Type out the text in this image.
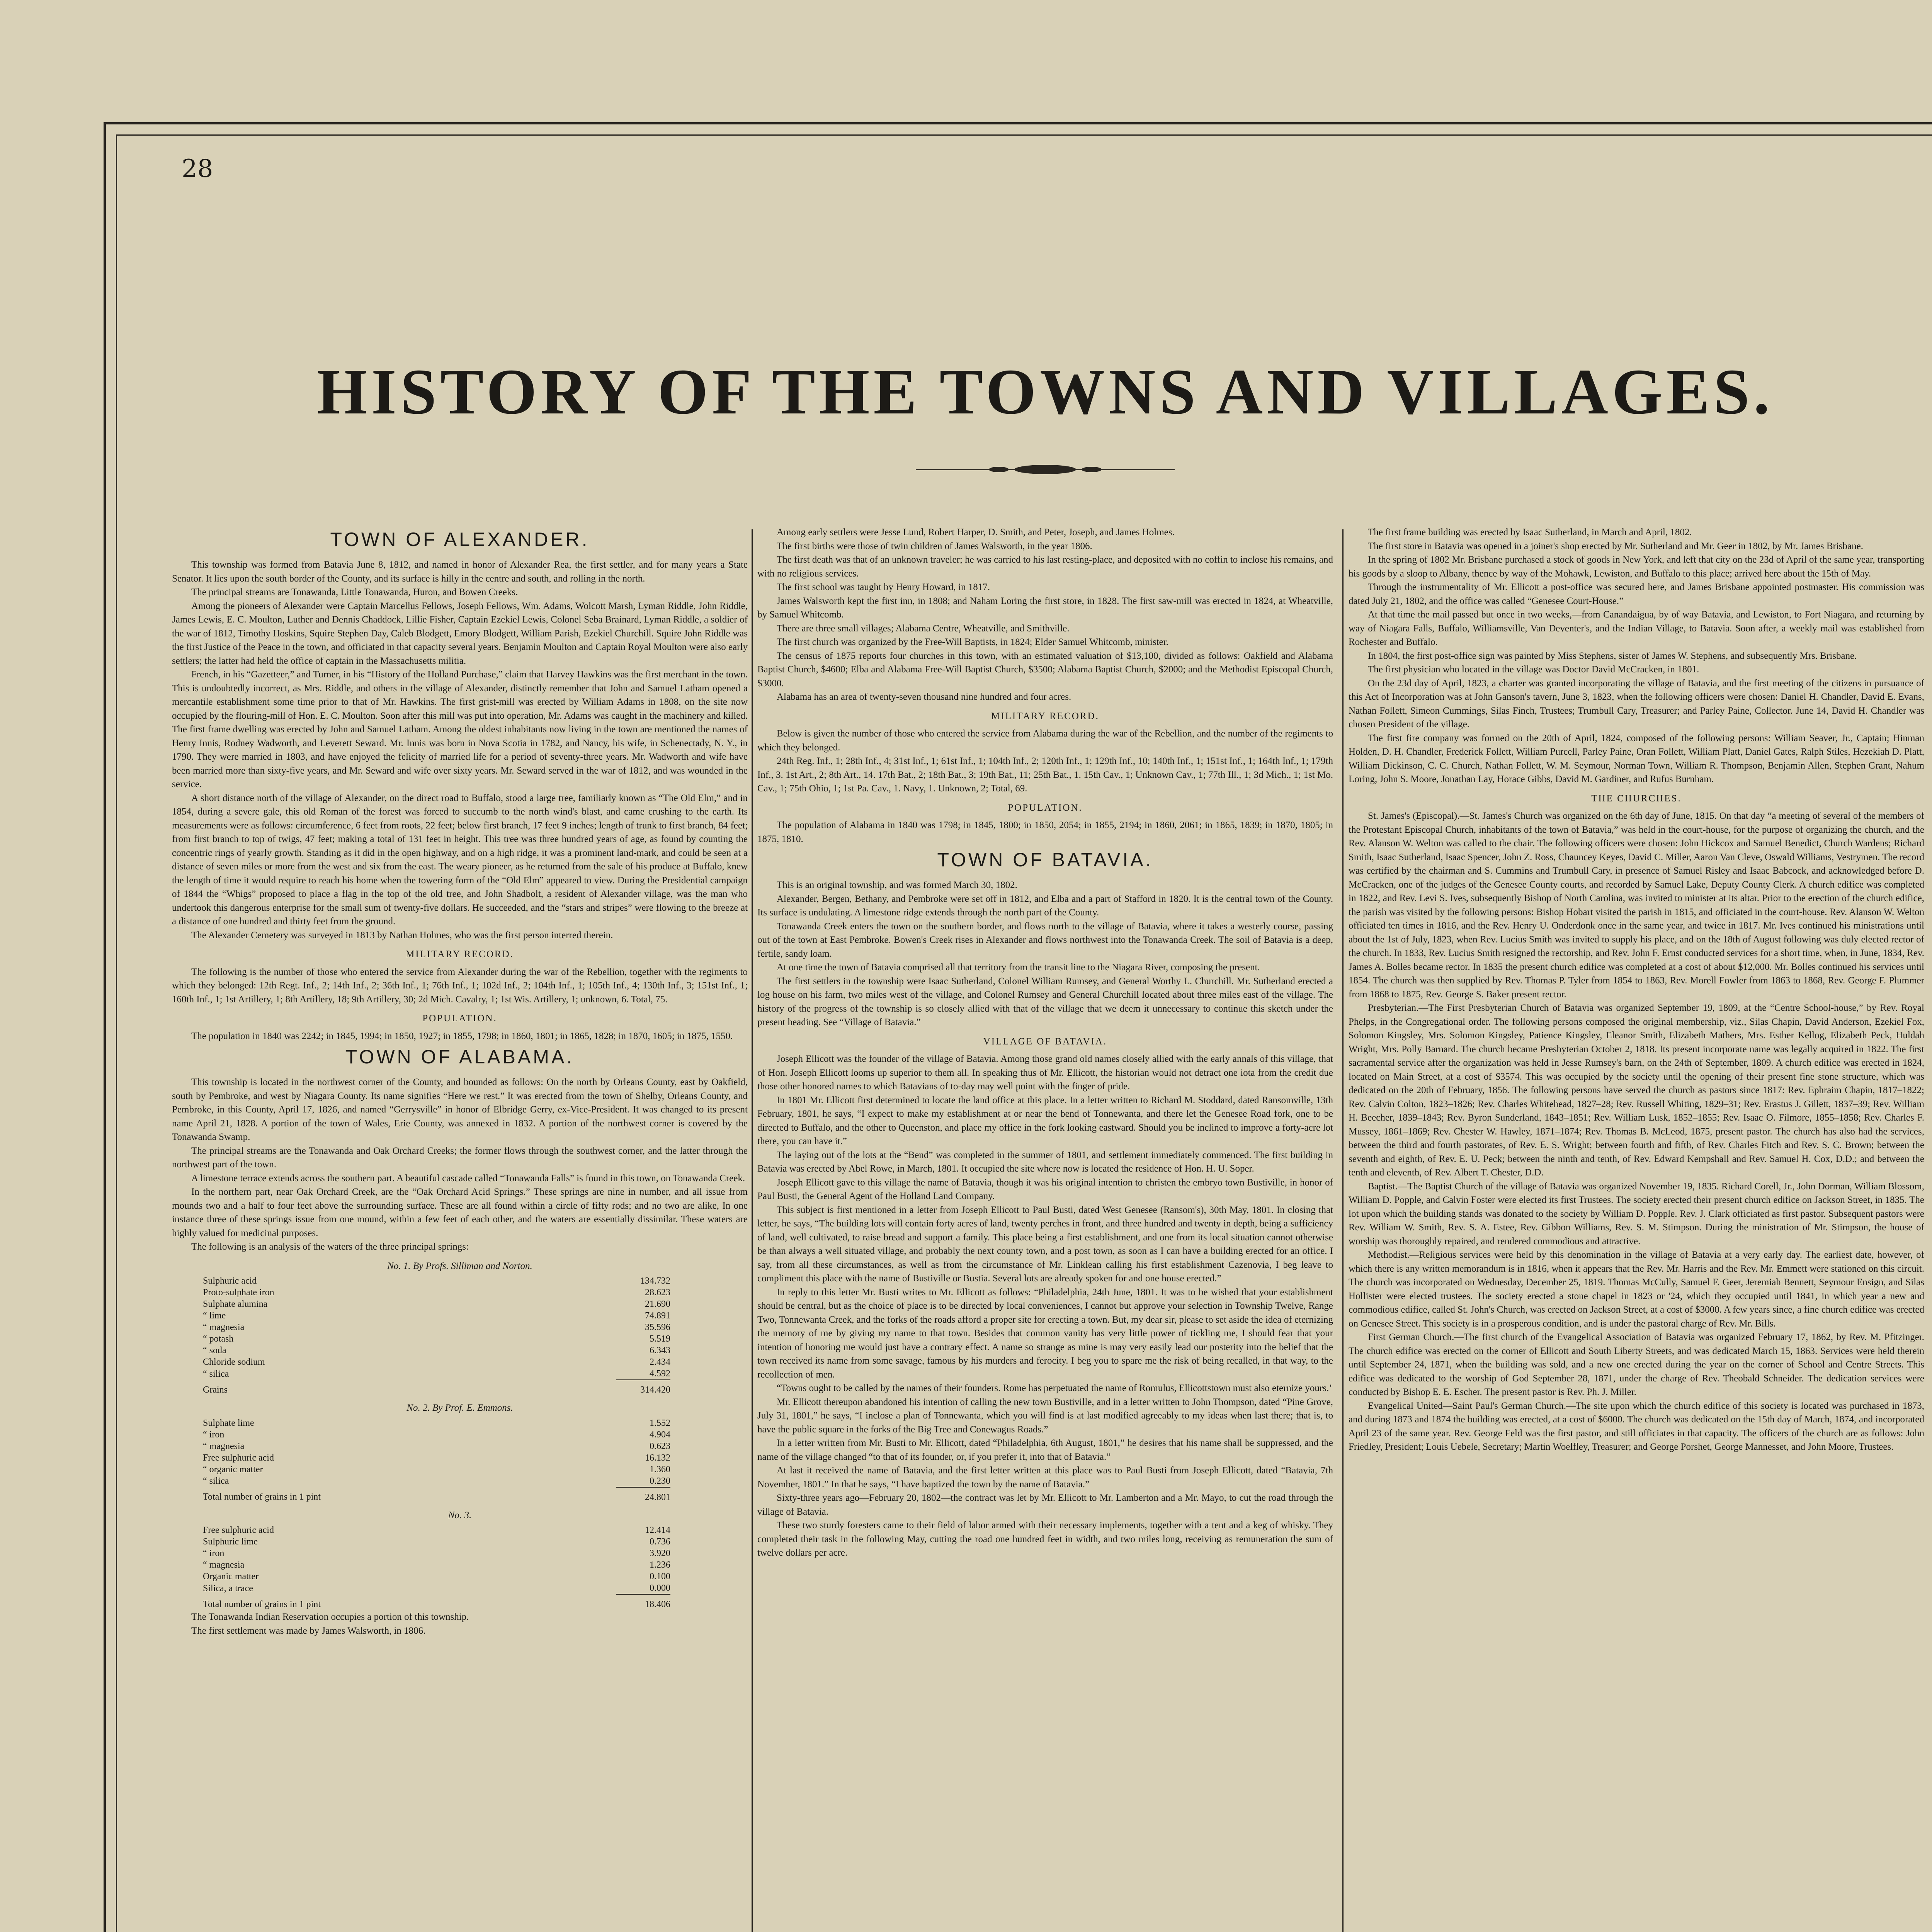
28
HISTORY OF THE TOWNS AND VILLAGES.
TOWN OF ALEXANDER.

This township was formed from Batavia June 8, 1812, and named in honor of Alexander Rea, the first settler, and for many years a State Senator. It lies upon the south border of the County, and its surface is hilly in the centre and south, and rolling in the north.

The principal streams are Tonawanda, Little Tonawanda, Huron, and Bowen Creeks.

Among the pioneers of Alexander were Captain Marcellus Fellows, Joseph Fellows, Wm. Adams, Wolcott Marsh, Lyman Riddle, John Riddle, James Lewis, E. C. Moulton, Luther and Dennis Chaddock, Lillie Fisher, Captain Ezekiel Lewis, Colonel Seba Brainard, Lyman Riddle, a soldier of the war of 1812, Timothy Hoskins, Squire Stephen Day, Caleb Blodgett, Emory Blodgett, William Parish, Ezekiel Churchill. Squire John Riddle was the first Justice of the Peace in the town, and officiated in that capacity several years. Benjamin Moulton and Captain Royal Moulton were also early settlers; the latter had held the office of captain in the Massachusetts militia.

French, in his “Gazetteer,” and Turner, in his “History of the Holland Purchase,” claim that Harvey Hawkins was the first merchant in the town. This is undoubtedly incorrect, as Mrs. Riddle, and others in the village of Alexander, distinctly remember that John and Samuel Latham opened a mercantile establishment some time prior to that of Mr. Hawkins. The first grist-mill was erected by William Adams in 1808, on the site now occupied by the flouring-mill of Hon. E. C. Moulton. Soon after this mill was put into operation, Mr. Adams was caught in the machinery and killed. The first frame dwelling was erected by John and Samuel Latham. Among the oldest inhabitants now living in the town are mentioned the names of Henry Innis, Rodney Wadworth, and Leverett Seward. Mr. Innis was born in Nova Scotia in 1782, and Nancy, his wife, in Schenectady, N. Y., in 1790. They were married in 1803, and have enjoyed the felicity of married life for a period of seventy-three years. Mr. Wadworth and wife have been married more than sixty-five years, and Mr. Seward and wife over sixty years. Mr. Seward served in the war of 1812, and was wounded in the service.

A short distance north of the village of Alexander, on the direct road to Buffalo, stood a large tree, familiarly known as “The Old Elm,” and in 1854, during a severe gale, this old Roman of the forest was forced to succumb to the north wind's blast, and came crushing to the earth. Its measurements were as follows: circumference, 6 feet from roots, 22 feet; below first branch, 17 feet 9 inches; length of trunk to first branch, 84 feet; from first branch to top of twigs, 47 feet; making a total of 131 feet in height. This tree was three hundred years of age, as found by counting the concentric rings of yearly growth. Standing as it did in the open highway, and on a high ridge, it was a prominent land-mark, and could be seen at a distance of seven miles or more from the west and six from the east. The weary pioneer, as he returned from the sale of his produce at Buffalo, knew the length of time it would require to reach his home when the towering form of the “Old Elm” appeared to view. During the Presidential campaign of 1844 the “Whigs” proposed to place a flag in the top of the old tree, and John Shadbolt, a resident of Alexander village, was the man who undertook this dangerous enterprise for the small sum of twenty-five dollars. He succeeded, and the “stars and stripes” were flowing to the breeze at a distance of one hundred and thirty feet from the ground.

The Alexander Cemetery was surveyed in 1813 by Nathan Holmes, who was the first person interred therein.

MILITARY RECORD.

The following is the number of those who entered the service from Alexander during the war of the Rebellion, together with the regiments to which they belonged: 12th Regt. Inf., 2; 14th Inf., 2; 36th Inf., 1; 76th Inf., 1; 102d Inf., 2; 104th Inf., 1; 105th Inf., 4; 130th Inf., 3; 151st Inf., 1; 160th Inf., 1; 1st Artillery, 1; 8th Artillery, 18; 9th Artillery, 30; 2d Mich. Cavalry, 1; 1st Wis. Artillery, 1; unknown, 6. Total, 75.

POPULATION.

The population in 1840 was 2242; in 1845, 1994; in 1850, 1927; in 1855, 1798; in 1860, 1801; in 1865, 1828; in 1870, 1605; in 1875, 1550.

TOWN OF ALABAMA.

This township is located in the northwest corner of the County, and bounded as follows: On the north by Orleans County, east by Oakfield, south by Pembroke, and west by Niagara County. Its name signifies “Here we rest.” It was erected from the town of Shelby, Orleans County, and Pembroke, in this County, April 17, 1826, and named “Gerrysville” in honor of Elbridge Gerry, ex-Vice-President. It was changed to its present name April 21, 1828. A portion of the town of Wales, Erie County, was annexed in 1832. A portion of the northwest corner is covered by the Tonawanda Swamp.

The principal streams are the Tonawanda and Oak Orchard Creeks; the former flows through the southwest corner, and the latter through the northwest part of the town.

A limestone terrace extends across the southern part. A beautiful cascade called “Tonawanda Falls” is found in this town, on Tonawanda Creek.

In the northern part, near Oak Orchard Creek, are the “Oak Orchard Acid Springs.” These springs are nine in number, and all issue from mounds two and a half to four feet above the surrounding surface. These are all found within a circle of fifty rods; and no two are alike, In one instance three of these springs issue from one mound, within a few feet of each other, and the waters are essentially dissimilar. These waters are highly valued for medicinal purposes.

The following is an analysis of the waters of the three principal springs:

No. 1. By Profs. Silliman and Norton.
Sulphuric acid	134.732
Proto-sulphate iron	28.623
Sulphate alumina	21.690
“ lime	74.891
“ magnesia	35.596
“ potash	5.519
“ soda	6.343
Chloride sodium	2.434
“ silica	4.592
Grains	314.420
No. 2. By Prof. E. Emmons.
Sulphate lime	1.552
“ iron	4.904
“ magnesia	0.623
Free sulphuric acid	16.132
“ organic matter	1.360
“ silica	0.230
Total number of grains in 1 pint	24.801
No. 3.
Free sulphuric acid	12.414
Sulphuric lime	0.736
“ iron	3.920
“ magnesia	1.236
Organic matter	0.100
Silica, a trace	0.000
Total number of grains in 1 pint	18.406

The Tonawanda Indian Reservation occupies a portion of this township.

The first settlement was made by James Walsworth, in 1806.

Among early settlers were Jesse Lund, Robert Harper, D. Smith, and Peter, Joseph, and James Holmes.

The first births were those of twin children of James Walsworth, in the year 1806.

The first death was that of an unknown traveler; he was carried to his last resting-place, and deposited with no coffin to inclose his remains, and with no religious services.

The first school was taught by Henry Howard, in 1817.

James Walsworth kept the first inn, in 1808; and Naham Loring the first store, in 1828. The first saw-mill was erected in 1824, at Wheatville, by Samuel Whitcomb.

There are three small villages; Alabama Centre, Wheatville, and Smithville.

The first church was organized by the Free-Will Baptists, in 1824; Elder Samuel Whitcomb, minister.

The census of 1875 reports four churches in this town, with an estimated valuation of $13,100, divided as follows: Oakfield and Alabama Baptist Church, $4600; Elba and Alabama Free-Will Baptist Church, $3500; Alabama Baptist Church, $2000; and the Methodist Episcopal Church, $3000.

Alabama has an area of twenty-seven thousand nine hundred and four acres.

MILITARY RECORD.

Below is given the number of those who entered the service from Alabama during the war of the Rebellion, and the number of the regiments to which they belonged.

24th Reg. Inf., 1; 28th Inf., 4; 31st Inf., 1; 61st Inf., 1; 104th Inf., 2; 120th Inf., 1; 129th Inf., 10; 140th Inf., 1; 151st Inf., 1; 164th Inf., 1; 179th Inf., 3. 1st Art., 2; 8th Art., 14. 17th Bat., 2; 18th Bat., 3; 19th Bat., 11; 25th Bat., 1. 15th Cav., 1; Unknown Cav., 1; 77th Ill., 1; 3d Mich., 1; 1st Mo. Cav., 1; 75th Ohio, 1; 1st Pa. Cav., 1. Navy, 1. Unknown, 2; Total, 69.

POPULATION.

The population of Alabama in 1840 was 1798; in 1845, 1800; in 1850, 2054; in 1855, 2194; in 1860, 2061; in 1865, 1839; in 1870, 1805; in 1875, 1810.

TOWN OF BATAVIA.

This is an original township, and was formed March 30, 1802.

Alexander, Bergen, Bethany, and Pembroke were set off in 1812, and Elba and a part of Stafford in 1820. It is the central town of the County. Its surface is undulating. A limestone ridge extends through the north part of the County.

Tonawanda Creek enters the town on the southern border, and flows north to the village of Batavia, where it takes a westerly course, passing out of the town at East Pembroke. Bowen's Creek rises in Alexander and flows northwest into the Tonawanda Creek. The soil of Batavia is a deep, fertile, sandy loam.

At one time the town of Batavia comprised all that territory from the transit line to the Niagara River, composing the present.

The first settlers in the township were Isaac Sutherland, Colonel William Rumsey, and General Worthy L. Churchill. Mr. Sutherland erected a log house on his farm, two miles west of the village, and Colonel Rumsey and General Churchill located about three miles east of the village. The history of the progress of the township is so closely allied with that of the village that we deem it unnecessary to continue this sketch under the present heading. See “Village of Batavia.”

VILLAGE OF BATAVIA.

Joseph Ellicott was the founder of the village of Batavia. Among those grand old names closely allied with the early annals of this village, that of Hon. Joseph Ellicott looms up superior to them all. In speaking thus of Mr. Ellicott, the historian would not detract one iota from the credit due those other honored names to which Batavians of to-day may well point with the finger of pride.

In 1801 Mr. Ellicott first determined to locate the land office at this place. In a letter written to Richard M. Stoddard, dated Ransomville, 13th February, 1801, he says, “I expect to make my establishment at or near the bend of Tonnewanta, and there let the Genesee Road fork, one to be directed to Buffalo, and the other to Queenston, and place my office in the fork looking eastward. Should you be inclined to improve a forty-acre lot there, you can have it.”

The laying out of the lots at the “Bend” was completed in the summer of 1801, and settlement immediately commenced. The first building in Batavia was erected by Abel Rowe, in March, 1801. It occupied the site where now is located the residence of Hon. H. U. Soper.

Joseph Ellicott gave to this village the name of Batavia, though it was his original intention to christen the embryo town Bustiville, in honor of Paul Busti, the General Agent of the Holland Land Company.

This subject is first mentioned in a letter from Joseph Ellicott to Paul Busti, dated West Genesee (Ransom's), 30th May, 1801. In closing that letter, he says, “The building lots will contain forty acres of land, twenty perches in front, and three hundred and twenty in depth, being a sufficiency of land, well cultivated, to raise bread and support a family. This place being a first establishment, and one from its local situation cannot otherwise be than always a well situated village, and probably the next county town, and a post town, as soon as I can have a building erected for an office. I say, from all these circumstances, as well as from the circumstance of Mr. Linklean calling his first establishment Cazenovia, I beg leave to compliment this place with the name of Bustiville or Bustia. Several lots are already spoken for and one house erected.”

In reply to this letter Mr. Busti writes to Mr. Ellicott as follows: “Philadelphia, 24th June, 1801. It was to be wished that your establishment should be central, but as the choice of place is to be directed by local conveniences, I cannot but approve your selection in Township Twelve, Range Two, Tonnewanta Creek, and the forks of the roads afford a proper site for erecting a town. But, my dear sir, please to set aside the idea of eternizing the memory of me by giving my name to that town. Besides that common vanity has very little power of tickling me, I should fear that your intention of honoring me would just have a contrary effect. A name so strange as mine is may very easily lead our posterity into the belief that the town received its name from some savage, famous by his murders and ferocity. I beg you to spare me the risk of being recalled, in that way, to the recollection of men.

“Towns ought to be called by the names of their founders. Rome has perpetuated the name of Romulus, Ellicottstown must also eternize yours.’

Mr. Ellicott thereupon abandoned his intention of calling the new town Bustiville, and in a letter written to John Thompson, dated “Pine Grove, July 31, 1801,” he says, “I inclose a plan of Tonnewanta, which you will find is at last modified agreeably to my ideas when last there; that is, to have the public square in the forks of the Big Tree and Conewagus Roads.”

In a letter written from Mr. Busti to Mr. Ellicott, dated “Philadelphia, 6th August, 1801,” he desires that his name shall be suppressed, and the name of the village changed “to that of its founder, or, if you prefer it, into that of Batavia.”

At last it received the name of Batavia, and the first letter written at this place was to Paul Busti from Joseph Ellicott, dated “Batavia, 7th November, 1801.” In that he says, “I have baptized the town by the name of Batavia.”

Sixty-three years ago—February 20, 1802—the contract was let by Mr. Ellicott to Mr. Lamberton and a Mr. Mayo, to cut the road through the village of Batavia.

These two sturdy foresters came to their field of labor armed with their necessary implements, together with a tent and a keg of whisky. They completed their task in the following May, cutting the road one hundred feet in width, and two miles long, receiving as remuneration the sum of twelve dollars per acre.

The first frame building was erected by Isaac Sutherland, in March and April, 1802.

The first store in Batavia was opened in a joiner's shop erected by Mr. Sutherland and Mr. Geer in 1802, by Mr. James Brisbane.

In the spring of 1802 Mr. Brisbane purchased a stock of goods in New York, and left that city on the 23d of April of the same year, transporting his goods by a sloop to Albany, thence by way of the Mohawk, Lewiston, and Buffalo to this place; arrived here about the 15th of May.

Through the instrumentality of Mr. Ellicott a post-office was secured here, and James Brisbane appointed postmaster. His commission was dated July 21, 1802, and the office was called “Genesee Court-House.”

At that time the mail passed but once in two weeks,—from Canandaigua, by of way Batavia, and Lewiston, to Fort Niagara, and returning by way of Niagara Falls, Buffalo, Williamsville, Van Deventer's, and the Indian Village, to Batavia. Soon after, a weekly mail was established from Rochester and Buffalo.

In 1804, the first post-office sign was painted by Miss Stephens, sister of James W. Stephens, and subsequently Mrs. Brisbane.

The first physician who located in the village was Doctor David McCracken, in 1801.

On the 23d day of April, 1823, a charter was granted incorporating the village of Batavia, and the first meeting of the citizens in pursuance of this Act of Incorporation was at John Ganson's tavern, June 3, 1823, when the following officers were chosen: Daniel H. Chandler, David E. Evans, Nathan Follett, Simeon Cummings, Silas Finch, Trustees; Trumbull Cary, Treasurer; and Parley Paine, Collector. June 14, David H. Chandler was chosen President of the village.

The first fire company was formed on the 20th of April, 1824, composed of the following persons: William Seaver, Jr., Captain; Hinman Holden, D. H. Chandler, Frederick Follett, William Purcell, Parley Paine, Oran Follett, William Platt, Daniel Gates, Ralph Stiles, Hezekiah D. Platt, William Dickinson, C. C. Church, Nathan Follett, W. M. Seymour, Norman Town, William R. Thompson, Benjamin Allen, Stephen Grant, Nahum Loring, John S. Moore, Jonathan Lay, Horace Gibbs, David M. Gardiner, and Rufus Burnham.

THE CHURCHES.

St. James's (Episcopal).—St. James's Church was organized on the 6th day of June, 1815. On that day “a meeting of several of the members of the Protestant Episcopal Church, inhabitants of the town of Batavia,” was held in the court-house, for the purpose of organizing the church, and the Rev. Alanson W. Welton was called to the chair. The following officers were chosen: John Hickcox and Samuel Benedict, Church Wardens; Richard Smith, Isaac Sutherland, Isaac Spencer, John Z. Ross, Chauncey Keyes, David C. Miller, Aaron Van Cleve, Oswald Williams, Vestrymen. The record was certified by the chairman and S. Cummins and Trumbull Cary, in presence of Samuel Risley and Isaac Babcock, and acknowledged before D. McCracken, one of the judges of the Genesee County courts, and recorded by Samuel Lake, Deputy County Clerk. A church edifice was completed in 1822, and Rev. Levi S. Ives, subsequently Bishop of North Carolina, was invited to minister at its altar. Prior to the erection of the church edifice, the parish was visited by the following persons: Bishop Hobart visited the parish in 1815, and officiated in the court-house. Rev. Alanson W. Welton officiated ten times in 1816, and the Rev. Henry U. Onderdonk once in the same year, and twice in 1817. Mr. Ives continued his ministrations until about the 1st of July, 1823, when Rev. Lucius Smith was invited to supply his place, and on the 18th of August following was duly elected rector of the church. In 1833, Rev. Lucius Smith resigned the rectorship, and Rev. John F. Ernst conducted services for a short time, when, in June, 1834, Rev. James A. Bolles became rector. In 1835 the present church edifice was completed at a cost of about $12,000. Mr. Bolles continued his services until 1854. The church was then supplied by Rev. Thomas P. Tyler from 1854 to 1863, Rev. Morell Fowler from 1863 to 1868, Rev. George F. Plummer from 1868 to 1875, Rev. George S. Baker present rector.

Presbyterian.—The First Presbyterian Church of Batavia was organized September 19, 1809, at the “Centre School-house,” by Rev. Royal Phelps, in the Congregational order. The following persons composed the original membership, viz., Silas Chapin, David Anderson, Ezekiel Fox, Solomon Kingsley, Mrs. Solomon Kingsley, Patience Kingsley, Eleanor Smith, Elizabeth Mathers, Mrs. Esther Kellog, Elizabeth Peck, Huldah Wright, Mrs. Polly Barnard. The church became Presbyterian October 2, 1818. Its present incorporate name was legally acquired in 1822. The first sacramental service after the organization was held in Jesse Rumsey's barn, on the 24th of September, 1809. A church edifice was erected in 1824, located on Main Street, at a cost of $3574. This was occupied by the society until the opening of their present fine stone structure, which was dedicated on the 20th of February, 1856. The following persons have served the church as pastors since 1817: Rev. Ephraim Chapin, 1817–1822; Rev. Calvin Colton, 1823–1826; Rev. Charles Whitehead, 1827–28; Rev. Russell Whiting, 1829–31; Rev. Erastus J. Gillett, 1837–39; Rev. William H. Beecher, 1839–1843; Rev. Byron Sunderland, 1843–1851; Rev. William Lusk, 1852–1855; Rev. Isaac O. Filmore, 1855–1858; Rev. Charles F. Mussey, 1861–1869; Rev. Chester W. Hawley, 1871–1874; Rev. Thomas B. McLeod, 1875, present pastor. The church has also had the services, between the third and fourth pastorates, of Rev. E. S. Wright; between fourth and fifth, of Rev. Charles Fitch and Rev. S. C. Brown; between the seventh and eighth, of Rev. E. U. Peck; between the ninth and tenth, of Rev. Edward Kempshall and Rev. Samuel H. Cox, D.D.; and between the tenth and eleventh, of Rev. Albert T. Chester, D.D.

Baptist.—The Baptist Church of the village of Batavia was organized November 19, 1835. Richard Corell, Jr., John Dorman, William Blossom, William D. Popple, and Calvin Foster were elected its first Trustees. The society erected their present church edifice on Jackson Street, in 1835. The lot upon which the building stands was donated to the society by William D. Popple. Rev. J. Clark officiated as first pastor. Subsequent pastors were Rev. William W. Smith, Rev. S. A. Estee, Rev. Gibbon Williams, Rev. S. M. Stimpson. During the ministration of Mr. Stimpson, the house of worship was thoroughly repaired, and rendered commodious and attractive.

Methodist.—Religious services were held by this denomination in the village of Batavia at a very early day. The earliest date, however, of which there is any written memorandum is in 1816, when it appears that the Rev. Mr. Harris and the Rev. Mr. Emmett were stationed on this circuit. The church was incorporated on Wednesday, December 25, 1819. Thomas McCully, Samuel F. Geer, Jeremiah Bennett, Seymour Ensign, and Silas Hollister were elected trustees. The society erected a stone chapel in 1823 or '24, which they occupied until 1841, in which year a new and commodious edifice, called St. John's Church, was erected on Jackson Street, at a cost of $3000. A few years since, a fine church edifice was erected on Genesee Street. This society is in a prosperous condition, and is under the pastoral charge of Rev. Mr. Bills.

First German Church.—The first church of the Evangelical Association of Batavia was organized February 17, 1862, by Rev. M. Pfitzinger. The church edifice was erected on the corner of Ellicott and South Liberty Streets, and was dedicated March 15, 1863. Services were held therein until September 24, 1871, when the building was sold, and a new one erected during the year on the corner of School and Centre Streets. This edifice was dedicated to the worship of God September 28, 1871, under the charge of Rev. Theobald Schneider. The dedication services were conducted by Bishop E. E. Escher. The present pastor is Rev. Ph. J. Miller.

Evangelical United—Saint Paul's German Church.—The site upon which the church edifice of this society is located was purchased in 1873, and during 1873 and 1874 the building was erected, at a cost of $6000. The church was dedicated on the 15th day of March, 1874, and incorporated April 23 of the same year. Rev. George Feld was the first pastor, and still officiates in that capacity. The officers of the church are as follows: John Friedley, President; Louis Uebele, Secretary; Martin Woelfley, Treasurer; and George Porshet, George Mannesset, and John Moore, Trustees.
